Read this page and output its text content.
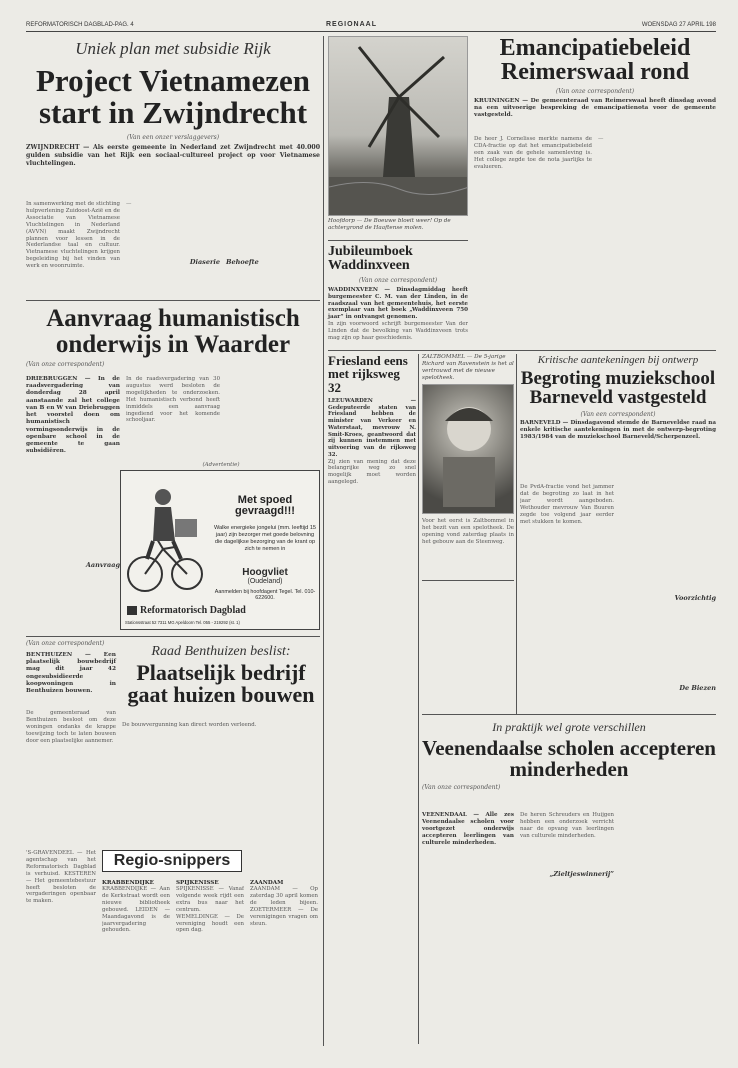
REFORMATORISCH DAGBLAD-PAG. 4	REGIONAAL	WOENSDAG 27 APRIL 198
Uniek plan met subsidie Rijk
Project Vietnamezen start in Zwijndrecht
(Van een onzer verslaggevers)
ZWIJNDRECHT — Als eerste gemeente in Nederland zet Zwijndrecht met 40.000 gulden subsidie van het Rijk een sociaal-cultureel project op voor Vietnamese vluchtelingen.
In samenwerking met de stichting hulpverlening Zuidoost-Azië en de Associatie van Vietnamese Vluchtelingen in Nederland (AVVN) maakt Zwijndrecht plannen voor lessen in de Nederlandse taal en cultuur. Vietnamese vluchtelingen krijgen begeleiding bij het vinden van werk en woonruimte.
—
Diaserie Behoefte
Aanvraag humanistisch onderwijs in Waarder
(Van onze correspondent)
DRIEBRUGGEN — In de raadsvergadering van donderdag 28 april aanstaande zal het college van B en W van Driebruggen het voorstel doen om humanistisch vormingsonderwijs in de openbare school in de gemeente te gaan subsidiëren.
In de raadsvergadering van 30 augustus werd besloten de mogelijkheden te onderzoeken. Het humanistisch verbond heeft inmiddels een aanvraag ingediend voor het komende schooljaar.
Aanvraag
(Advertentie)
Met spoed gevraagd!!!
Walke energieke jongelui (mm. leeftijd 15 jaar) zijn bezorger met goede belovning die dagelijkse bezorging van de krant op zich te nemen in
Hoogvliet
(Oudeland)
Aanmelden bij hoofdagent Tegel. Tel. 010-622600.
Reformatorisch Dagblad
Stationsstraat 52 7311 MG Apeldoorn Tel. 055 - 219292 (st. 1)
(Van onze correspondent)
BENTHUIZEN — Een plaatselijk bouwbedrijf mag dit jaar 42 ongesubsidieerde koopwoningen in Benthuizen bouwen.
De gemeenteraad van Benthuizen besloot om deze woningen ondanks de krappe toewijzing toch te laten bouwen door een plaatselijke aannemer.
Raad Benthuizen beslist:
Plaatselijk bedrijf gaat huizen bouwen
De bouwvergunning kan direct worden verleend.
'S-GRAVENDEEL — Het agentschap van het Reformatorisch Dagblad is verhuisd. KESTEREN — Het gemeentebestuur heeft besloten de vergaderingen openbaar te maken.
Regio-snippers
KRABBENDIJKE
KRABBENDIJKE — Aan de Kerkstraat wordt een nieuwe bibliotheek gebouwd. LEIDEN — Maandagavond is de jaarvergadering gehouden.
SPIJKENISSE
SPIJKENISSE — Vanaf volgende week rijdt een extra bus naar het centrum. WEMELDINGE — De vereniging houdt een open dag.
ZAANDAM
ZAANDAM — Op zaterdag 30 april komen de leden bijeen. ZOETERMEER — De verenigingen vragen om steun.
Hoofdorp — De Boeuwe bloeit weer! Op de achtergrond de Haaftense molen.
Emancipatiebeleid Reimerswaal rond
(Van onze correspondent)
KRUININGEN — De gemeenteraad van Reimerswaal heeft dinsdag avond na een uitvoerige bespreking de emancipatienota voor de gemeente vastgesteld.
De heer J. Cornelisse merkte namens de CDA-fractie op dat het emancipatiebeleid een zaak van de gehele samenleving is. Het college zegde toe de nota jaarlijks te evalueren.
—
Jubileumboek Waddinxveen
(Van onze correspondent)
WADDINXVEEN — Dinsdagmiddag heeft burgemeester C. M. van der Linden, in de raadszaal van het gemeentehuis, het eerste exemplaar van het boek „Waddinxveen 750 jaar” in ontvangst genomen.
In zijn voorwoord schrijft burgemeester Van der Linden dat de bevolking van Waddinxveen trots mag zijn op haar geschiedenis.
Friesland eens met rijksweg 32
LEEUWARDEN — Gedeputeerde staten van Friesland hebben de minister van Verkeer en Waterstaat, mevrouw N. Smit-Kroes, geantwoord dat zij kunnen instemmen met uitvoering van de rijksweg 32.
Zij zien van mening dat deze belangrijke weg zo snel mogelijk moet worden aangelegd.
ZALTBOMMEL — De 5-jarige Richard van Ravenstein is het al vertrouwd met de nieuwe spelotheek.
Voor het eerst is Zaltbommel in het bezit van een spelotheek. De opening vond zaterdag plaats in het gebouw aan de Steenweg.
Kritische aantekeningen bij ontwerp
Begroting muziekschool Barneveld vastgesteld
(Van een correspondent)
BARNEVELD — Dinsdagavond stemde de Barneveldse raad na enkele kritische aantekeningen in met de ontwerp-begroting 1983/1984 van de muziekschool Barneveld/Scherpenzeel.
De PvdA-fractie vond het jammer dat de begroting zo laat in het jaar wordt aangeboden. Wethouder mevrouw Van Buuren zegde toe volgend jaar eerder met stukken te komen.
Voorzichtig
De Biezen
In praktijk wel grote verschillen
Veenendaalse scholen accepteren minderheden
(Van onze correspondent)
VEENENDAAL — Alle zes Veenendaalse scholen voor voortgezet onderwijs accepteren leerlingen van culturele minderheden.
De heren Schreuders en Huijgen hebben een onderzoek verricht naar de opvang van leerlingen van culturele minderheden.
„Zieltjeswinnerij”
